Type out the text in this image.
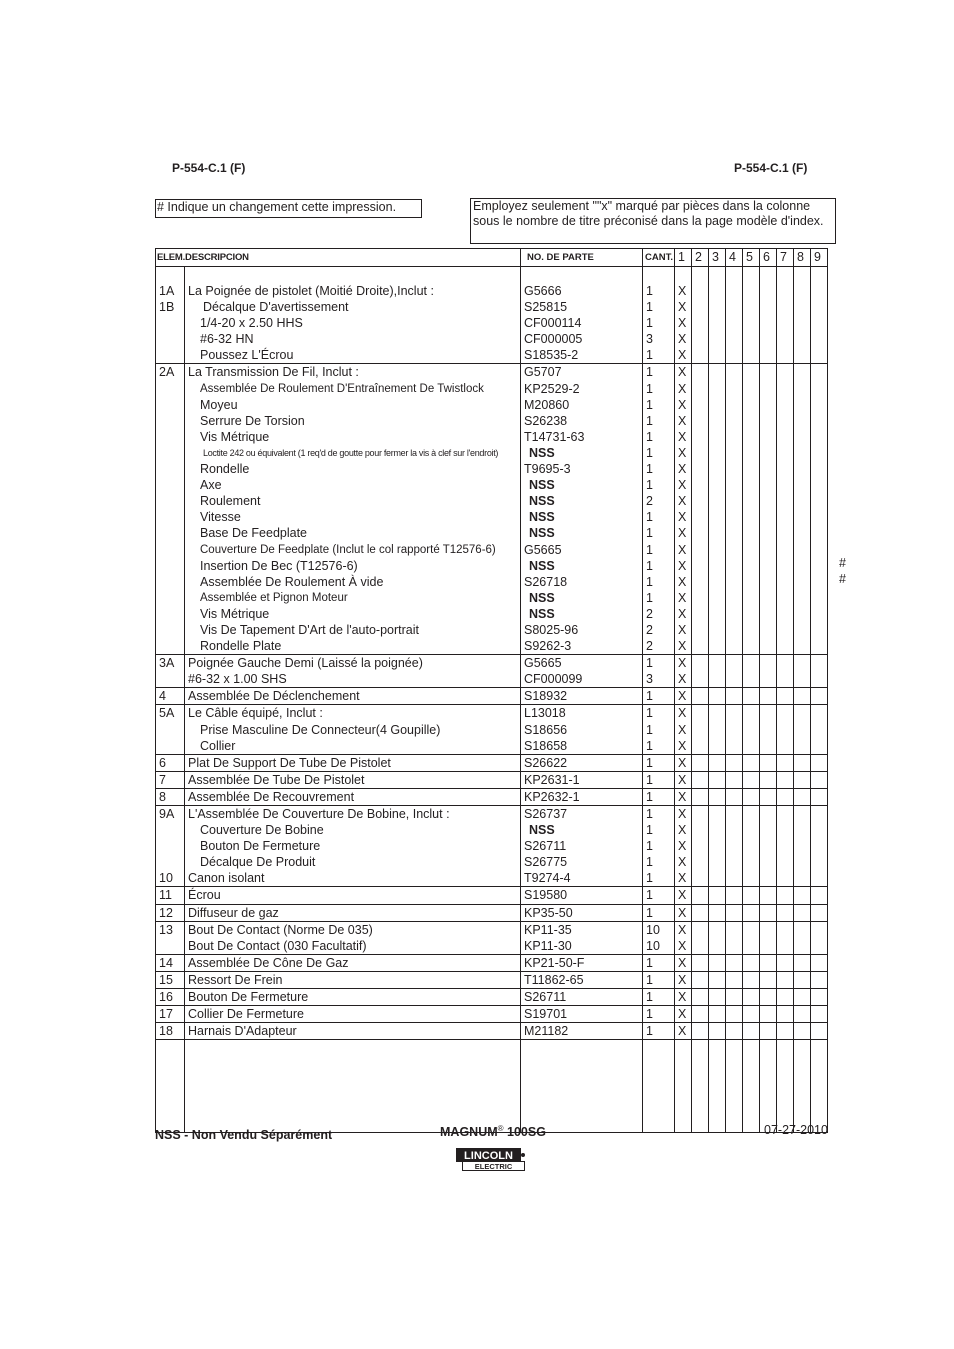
P-554-C.1 (F)	P-554-C.1 (F)
# Indique un changement cette impression.	Employez seulement ""x" marqué par pièces dans la colonne sous le nombre de titre préconisé dans la page modèle d'index.
ELEM.DESCRIPCION		NO. DE PARTE	CANT.	1	2	3	4	5	6	7	8	9

1A	La Poignée de pistolet (Moitié Droite),Inclut :	G5666	1	X								
1B	Décalque D'avertissement	S25815	1	X								
	1/4-20 x 2.50 HHS	CF000114	1	X								
	#6-32 HN	CF000005	3	X								
	Poussez L'Écrou	S18535-2	1	X								
2A	La Transmission De Fil, Inclut :	G5707	1	X								
	Assemblée De Roulement D'Entraînement De Twistlock	KP2529-2	1	X								
	Moyeu	M20860	1	X								
	Serrure De Torsion	S26238	1	X								
	Vis Métrique	T14731-63	1	X								
	Loctite 242 ou équivalent (1 req'd de goutte pour fermer la vis à clef sur l'endroit)	NSS	1	X								
	Rondelle	T9695-3	1	X								
	Axe	NSS	1	X								
	Roulement	NSS	2	X								
	Vitesse	NSS	1	X								
	Base De Feedplate	NSS	1	X								
	Couverture De Feedplate (Inclut le col rapporté T12576-6)	G5665	1	X								
	Insertion De Bec (T12576-6)	NSS	1	X								
	Assemblée De Roulement À vide	S26718	1	X								
	Assemblée et Pignon Moteur	NSS	1	X								
	Vis Métrique	NSS	2	X								
	Vis De Tapement D'Art de l'auto-portrait	S8025-96	2	X								
	Rondelle Plate	S9262-3	2	X								
3A	Poignée Gauche Demi (Laissé la poignée)	G5665	1	X								
	#6-32 x 1.00 SHS	CF000099	3	X								
4	Assemblée De Déclenchement	S18932	1	X								
5A	Le Câble équipé, Inclut :	L13018	1	X								
	Prise Masculine De Connecteur(4 Goupille)	S18656	1	X								
	Collier	S18658	1	X								
6	Plat De Support De Tube De Pistolet	S26622	1	X								
7	Assemblée De Tube De Pistolet	KP2631-1	1	X								
8	Assemblée De Recouvrement	KP2632-1	1	X								
9A	L'Assemblée De Couverture De Bobine, Inclut :	S26737	1	X								
	Couverture De Bobine	NSS	1	X								
	Bouton De Fermeture	S26711	1	X								
	Décalque De Produit	S26775	1	X								
10	Canon isolant	T9274-4	1	X								
11	Écrou	S19580	1	X								
12	Diffuseur de gaz	KP35-50	1	X								
13	Bout De Contact (Norme De 035)	KP11-35	10	X								
	Bout De Contact (030 Facultatif)	KP11-30	10	X								
14	Assemblée De Cône De Gaz	KP21-50-F	1	X								
15	Ressort De Frein	T11862-65	1	X								
16	Bouton De Fermeture	S26711	1	X								
17	Collier De Fermeture	S19701	1	X								
18	Harnais D'Adapteur	M21182	1	X								

#
#
NSS - Non Vendu Séparément	MAGNUM® 100SG	07-27-2010
LINCOLN
ELECTRIC
